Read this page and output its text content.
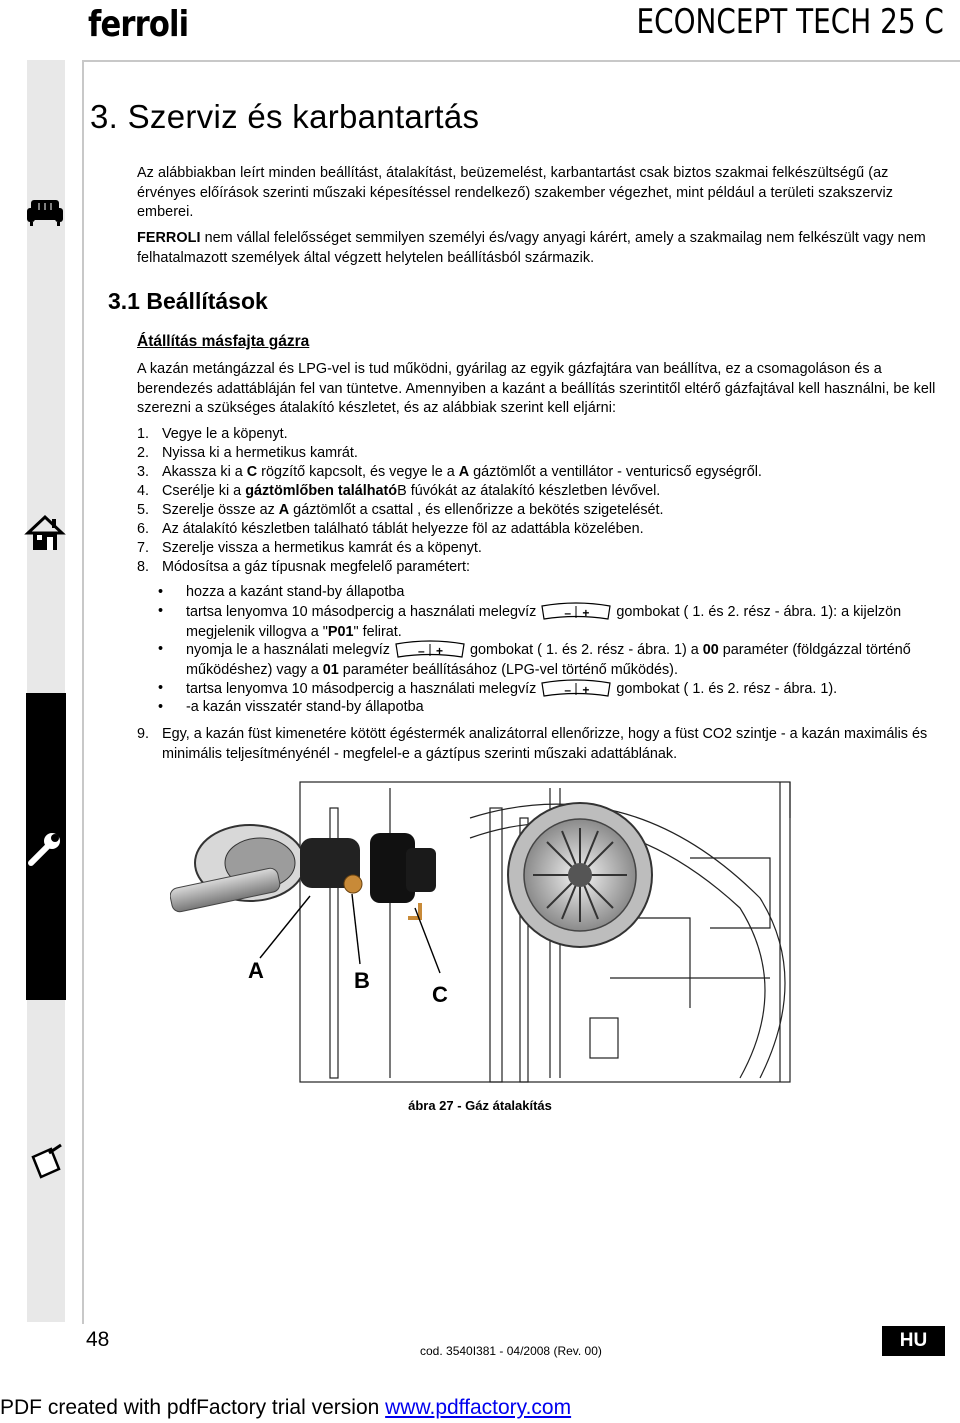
ferroli	ECONCEPT TECH 25 C
3. Szerviz és karbantartás
Az alábbiakban leírt minden beállítást, átalakítást, beüzemelést, karbantartást csak biztos szakmai felkészültségű (az érvényes előírások szerinti műszaki képesítéssel rendelkező) szakember végezhet, mint például a területi szakszerviz emberei.
FERROLI nem vállal felelősséget semmilyen személyi és/vagy anyagi kárért, amely a szakmailag nem felkészült vagy nem felhatalmazott személyek által végzett helytelen beállításból származik.
3.1 Beállítások
Átállítás másfajta gázra
A kazán metángázzal és LPG-vel is tud működni, gyárilag az egyik gázfajtára van beállítva, ez a csomagoláson és a berendezés adattábláján fel van tüntetve. Amennyiben a kazánt a beállítás szerintitől eltérő gázfajtával kell használni, be kell szerezni a szükséges átalakító készletet, és az alábbiak szerint kell eljárni:
1. Vegye le a köpenyt.
2. Nyissa ki a hermetikus kamrát.
3. Akassza ki a C rögzítő kapcsolt, és vegye le a A gáztömlőt a ventillátor - venturicső egységről.
4. Cserélje ki a gáztömlőben találhatóB fúvókát az átalakító készletben lévővel.
5. Szerelje össze az A gáztömlőt a csattal , és ellenőrizze a bekötés szigetelését.
6. Az átalakító készletben található táblát helyezze föl az adattábla közelében.
7. Szerelje vissza a hermetikus kamrát és a köpenyt.
8. Módosítsa a gáz típusnak megfelelő paramétert:
• hozza a kazánt stand-by állapotba
• tartsa lenyomva 10 másodpercig a használati melegvíz – + gombokat ( 1. és 2. rész - ábra. 1): a kijelzön megjelenik villogva a "P01" felirat.
• nyomja le a használati melegvíz – + gombokat ( 1. és 2. rész - ábra. 1) a 00 paraméter (földgázzal történő működéshez) vagy a 01 paraméter beállításához (LPG-vel történő működés).
• tartsa lenyomva 10 másodpercig a használati melegvíz – + gombokat ( 1. és 2. rész - ábra. 1).
• -a kazán visszatér stand-by állapotba
9. Egy, a kazán füst kimenetére kötött égéstermék analizátorral ellenőrizze, hogy a füst CO2 szintje - a kazán maximális és minimális teljesítményénél - megfelel-e a gáztípus szerinti műszaki adattáblának.
A	B
C
ábra 27 - Gáz átalakítás
48	cod. 3540I381 - 04/2008 (Rev. 00)	HU
PDF created with pdfFactory trial version www.pdffactory.com
